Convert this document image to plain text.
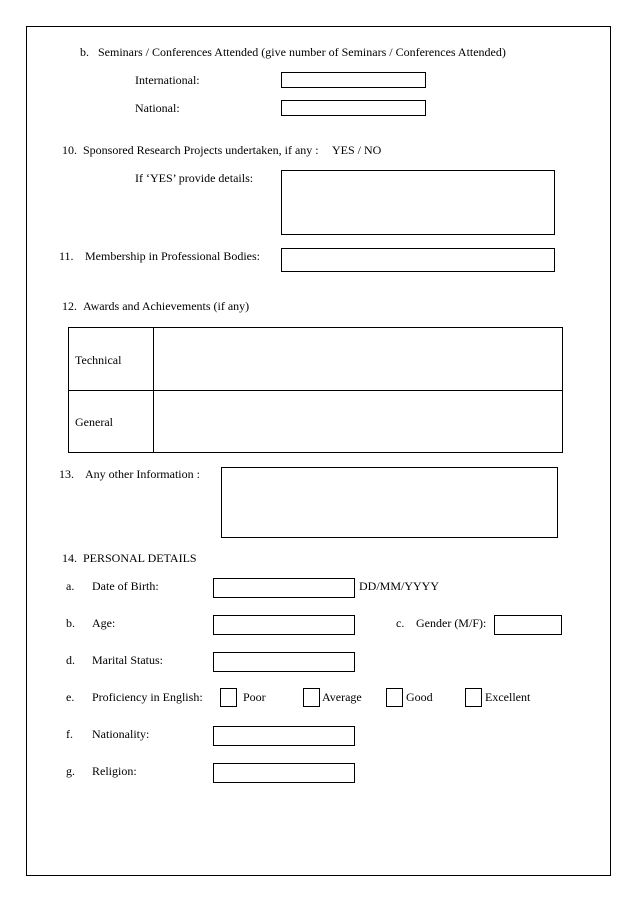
b.   Seminars / Conferences Attended (give number of Seminars / Conferences Attended)
International:
National:
10.  Sponsored Research Projects undertaken, if any : YES / NO
If ‘YES’ provide details:
11. Membership in Professional Bodies:
12.  Awards and Achievements (if any)
Technical
General
13. Any other Information :
14.  PERSONAL DETAILS
a. Date of Birth:	DD/MM/YYYY
b. Age:	c. Gender (M/F):
d. Marital Status:
e. Proficiency in English:	Poor	Average	Good	Excellent
f. Nationality:
g. Religion:
